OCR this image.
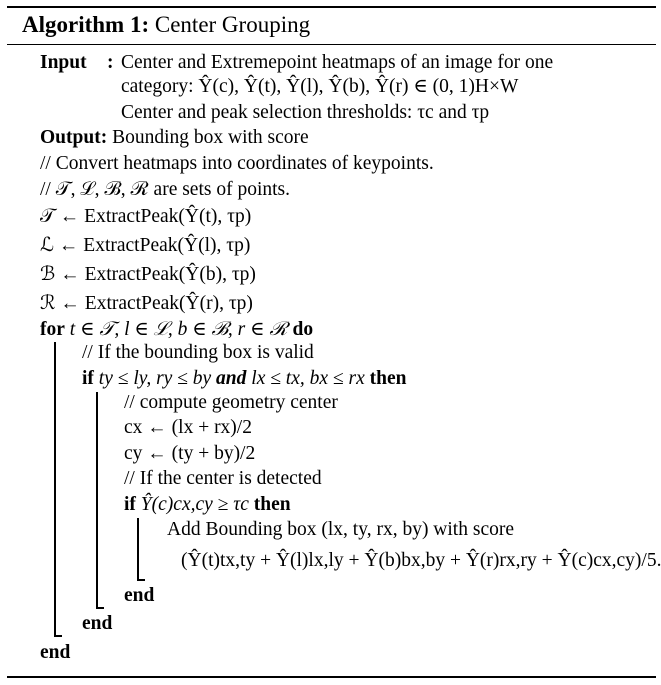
Algorithm 1: Center Grouping
Input : Center and Extremepoint heatmaps of an image for one
category: Ŷ(c), Ŷ(t), Ŷ(l), Ŷ(b), Ŷ(r) ∈ (0, 1)H×W
Center and peak selection thresholds: τc and τp
Output: Bounding box with score
// Convert heatmaps into coordinates of keypoints.
// 𝒯, ℒ, ℬ, ℛ are sets of points.
𝒯 ← ExtractPeak(Ŷ(t), τp)
ℒ ← ExtractPeak(Ŷ(l), τp)
ℬ ← ExtractPeak(Ŷ(b), τp)
ℛ ← ExtractPeak(Ŷ(r), τp)
for t ∈ 𝒯, l ∈ ℒ, b ∈ ℬ, r ∈ ℛ do
// If the bounding box is valid
if ty ≤ ly, ry ≤ by and lx ≤ tx, bx ≤ rx then
// compute geometry center
cx ← (lx + rx)/2
cy ← (ty + by)/2
// If the center is detected
if Ŷ(c)cx,cy ≥ τc then
Add Bounding box (lx, ty, rx, by) with score
(Ŷ(t)tx,ty + Ŷ(l)lx,ly + Ŷ(b)bx,by + Ŷ(r)rx,ry + Ŷ(c)cx,cy)/5.
end
end
end
